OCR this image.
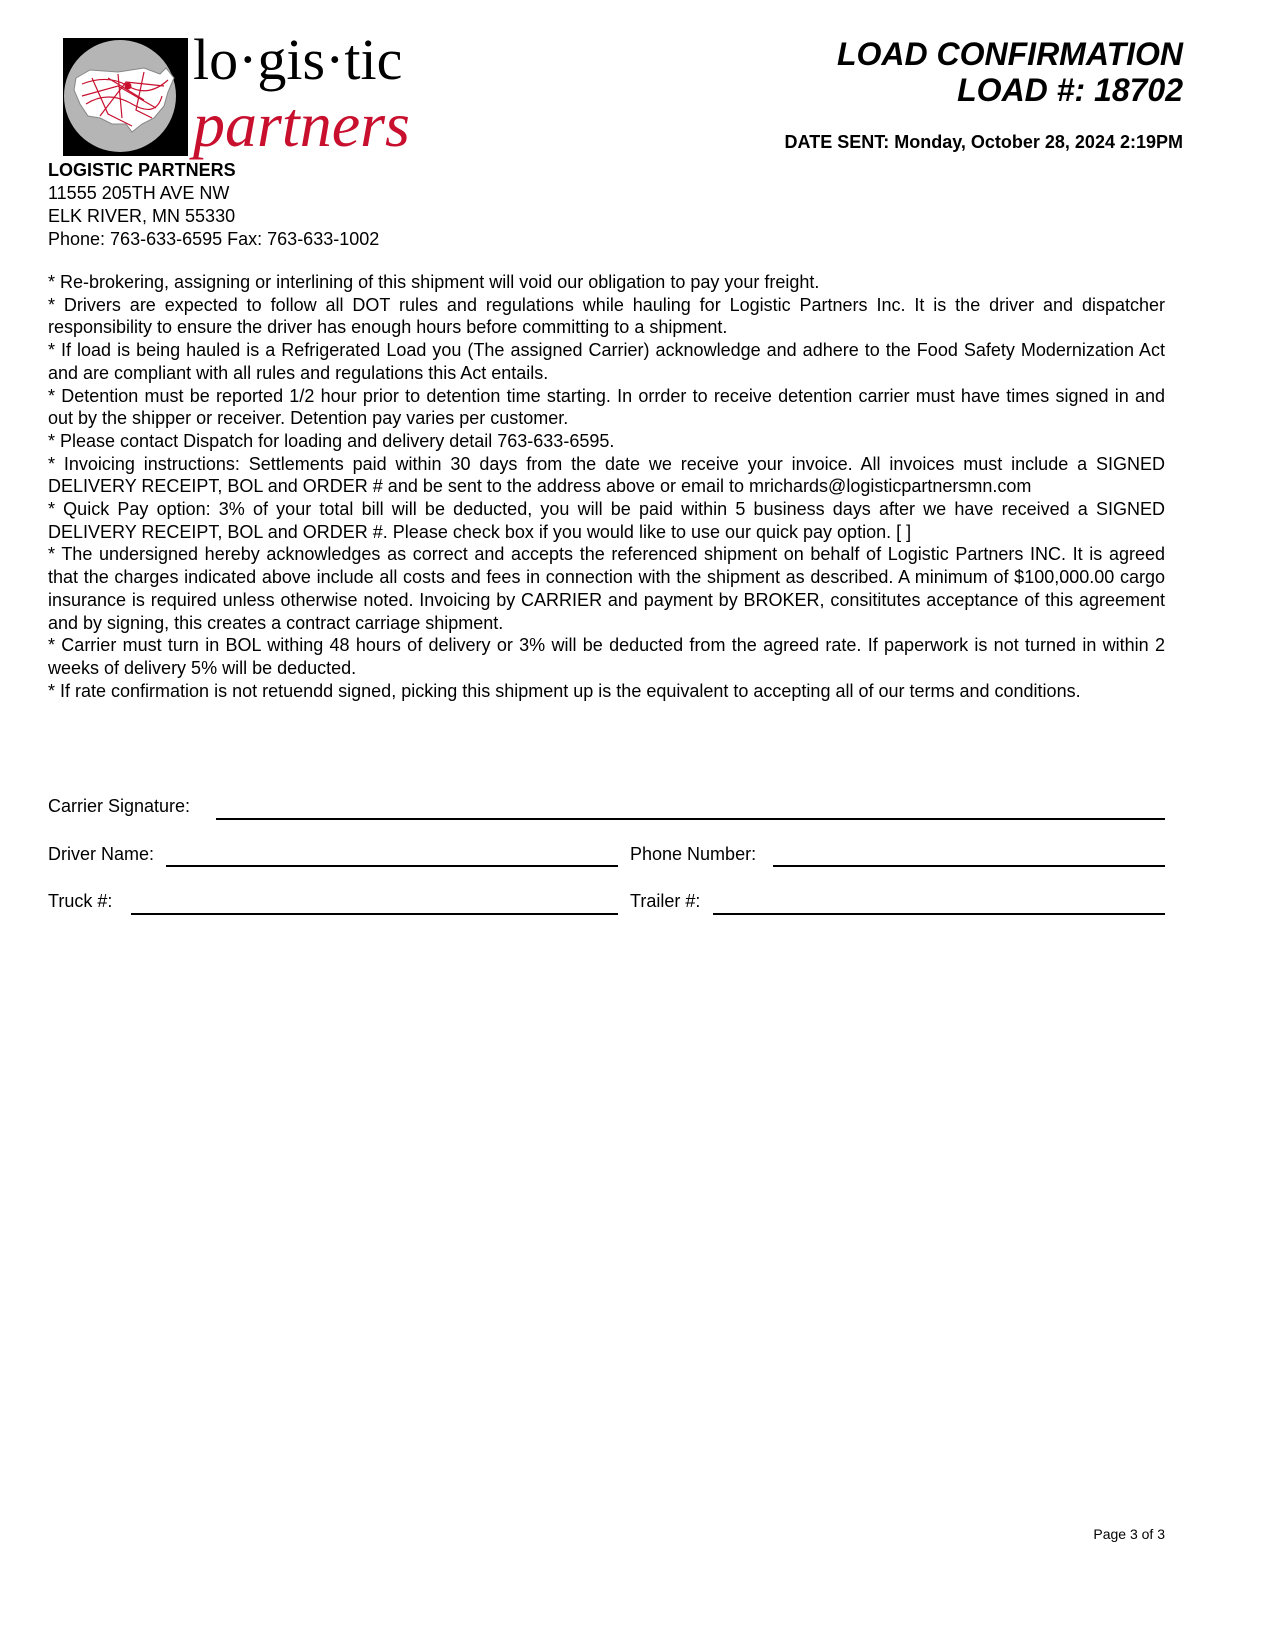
lo·gis·tic
partners
LOAD CONFIRMATION
LOAD #: 18702
DATE SENT: Monday, October 28, 2024 2:19PM
LOGISTIC PARTNERS
11555 205TH AVE NW
ELK RIVER, MN 55330
Phone: 763-633-6595 Fax: 763-633-1002

* Re-brokering, assigning or interlining of this shipment will void our obligation to pay your freight.

* Drivers are expected to follow all DOT rules and regulations while hauling for Logistic Partners Inc. It is the driver and dispatcher responsibility to ensure the driver has enough hours before committing to a shipment.

* If load is being hauled is a Refrigerated Load you (The assigned Carrier) acknowledge and adhere to the Food Safety Modernization Act and are compliant with all rules and regulations this Act entails.

* Detention must be reported 1/2 hour prior to detention time starting. In orrder to receive detention carrier must have times signed in and out by the shipper or receiver. Detention pay varies per customer.

* Please contact Dispatch for loading and delivery detail 763-633-6595.

* Invoicing instructions: Settlements paid within 30 days from the date we receive your invoice. All invoices must include a SIGNED DELIVERY RECEIPT, BOL and ORDER # and be sent to the address above or email to mrichards@logisticpartnersmn.com

* Quick Pay option: 3% of your total bill will be deducted, you will be paid within 5 business days after we have received a SIGNED DELIVERY RECEIPT, BOL and ORDER #. Please check box if you would like to use our quick pay option. [ ]

* The undersigned hereby acknowledges as correct and accepts the referenced shipment on behalf of Logistic Partners INC. It is agreed that the charges indicated above include all costs and fees in connection with the shipment as described. A minimum of $100,000.00 cargo insurance is required unless otherwise noted. Invoicing by CARRIER and payment by BROKER, consititutes acceptance of this agreement and by signing, this creates a contract carriage shipment.

* Carrier must turn in BOL withing 48 hours of delivery or 3% will be deducted from the agreed rate. If paperwork is not turned in within 2 weeks of delivery 5% will be deducted.

* If rate confirmation is not retuendd signed, picking this shipment up is the equivalent to accepting all of our terms and conditions.

Carrier Signature:
Driver Name:	Phone Number:
Truck #:	Trailer #:
Page 3 of 3
